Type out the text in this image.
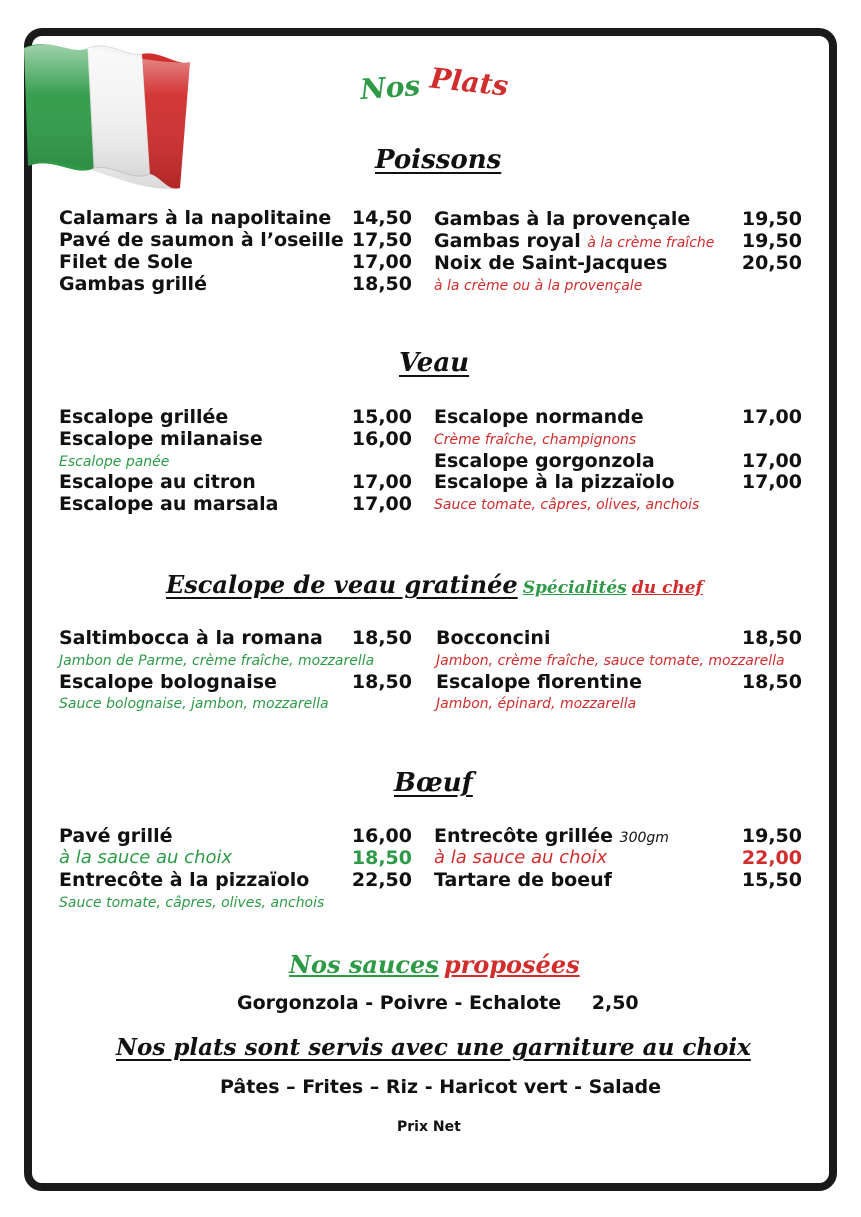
Nos Plats
Poissons
Calamars à la napolitaine 14,50
Pavé de saumon à l’oseille 17,50
Filet de Sole	17,00
Gambas grillé	18,50
Gambas à la provençale	19,50
Gambas royal à la crème fraîche 19,50
Noix de Saint-Jacques	20,50
à la crème ou à la provençale
Veau
Escalope grillée	15,00
Escalope milanaise	16,00
Escalope panée
Escalope au citron	17,00
Escalope au marsala	17,00
Escalope normande	17,00
Crème fraîche, champignons
Escalope gorgonzola	17,00
Escalope à la pizzaïolo	17,00
Sauce tomate, câpres, olives, anchois
Escalope de veau gratinée Spécialités du chef
Saltimbocca à la romana 18,50
Jambon de Parme, crème fraîche, mozzarella
Escalope bolognaise	18,50
Sauce bolognaise, jambon, mozzarella
Bocconcini	18,50
Jambon, crème fraîche, sauce tomate, mozzarella
Escalope florentine	18,50
Jambon, épinard, mozzarella
Bœuf
Pavé grillé	16,00
à la sauce au choix	18,50
Entrecôte à la pizzaïolo 22,50
Sauce tomate, câpres, olives, anchois
Entrecôte grillée 300gm	19,50
à la sauce au choix	22,00
Tartare de boeuf	15,50
Nos sauces proposées
Gorgonzola - Poivre - Echalote 2,50
Nos plats sont servis avec une garniture au choix
Pâtes – Frites – Riz - Haricot vert - Salade
Prix Net
